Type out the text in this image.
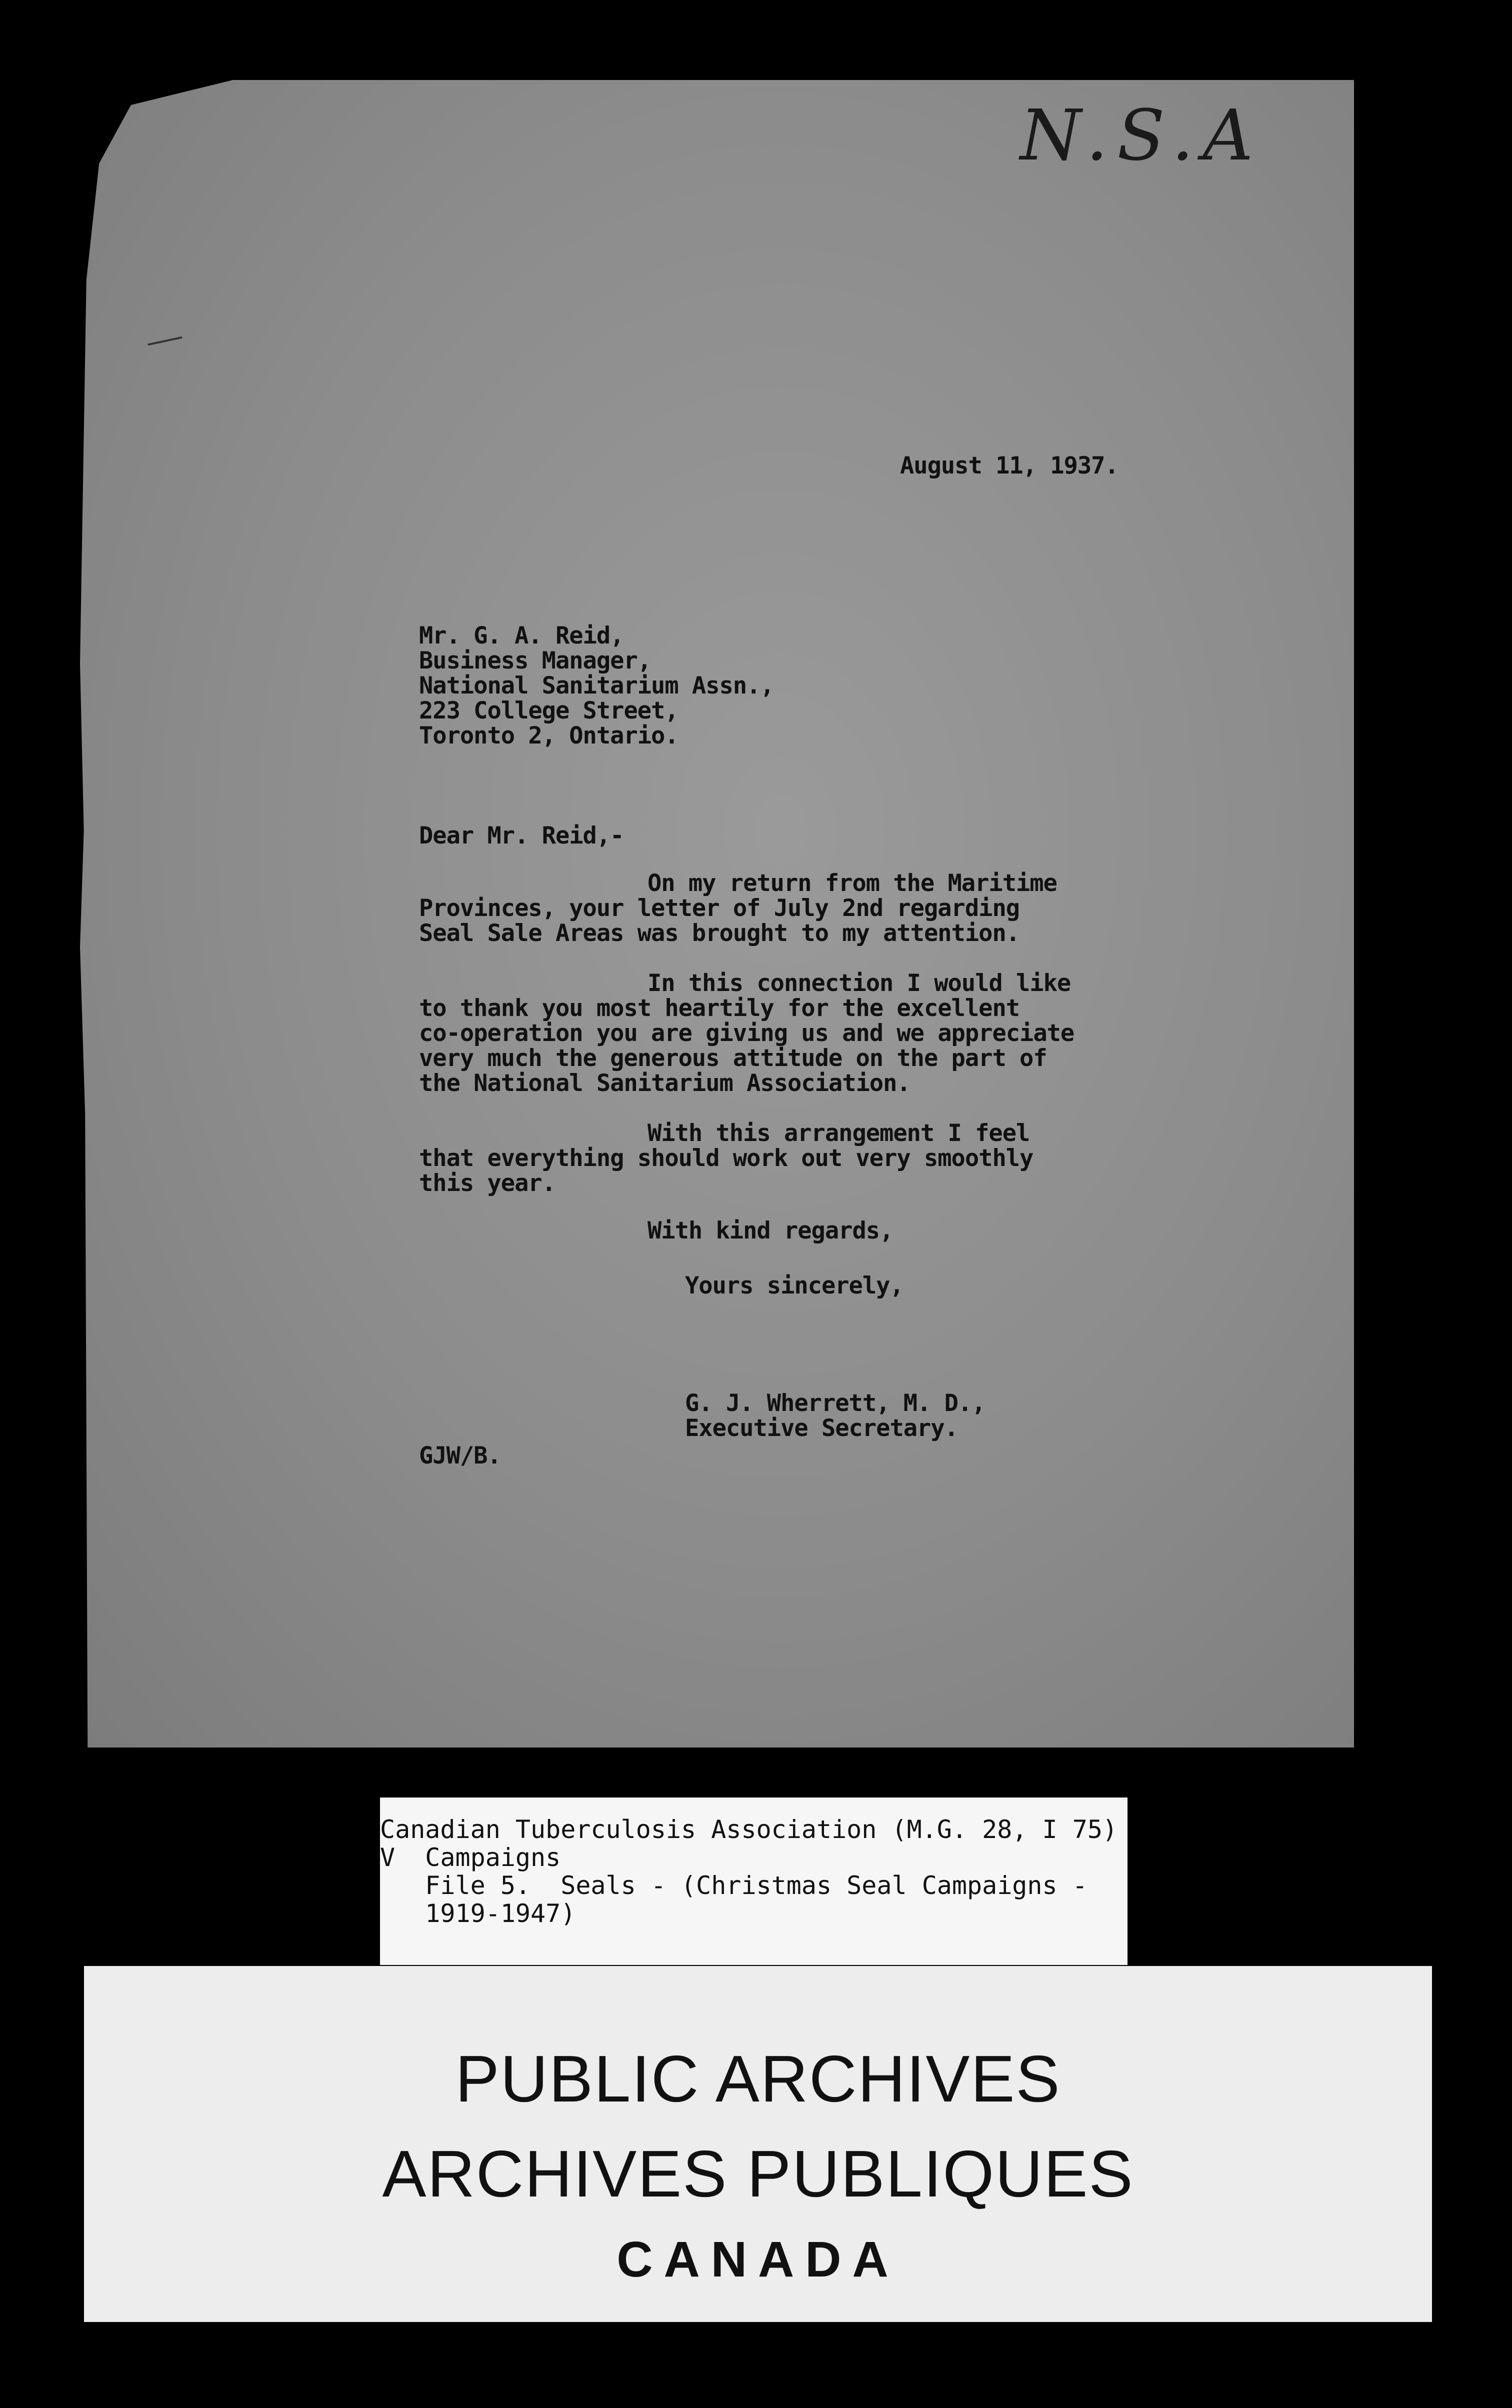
N.S.A
August 11, 1937.
Mr. G. A. Reid,
Business Manager,
National Sanitarium Assn.,
223 College Street,
Toronto 2, Ontario.
Dear Mr. Reid,-
On my return from the Maritime
Provinces, your letter of July 2nd regarding
Seal Sale Areas was brought to my attention.
In this connection I would like
to thank you most heartily for the excellent
co-operation you are giving us and we appreciate
very much the generous attitude on the part of
the National Sanitarium Association.
With this arrangement I feel
that everything should work out very smoothly
this year.
With kind regards,
Yours sincerely,
G. J. Wherrett, M. D.,
Executive Secretary.
GJW/B.
Canadian Tuberculosis Association (M.G. 28, I 75)
V  Campaigns
File 5.  Seals - (Christmas Seal Campaigns -
1919-1947)
PUBLIC ARCHIVES
ARCHIVES PUBLIQUES
CANADA
